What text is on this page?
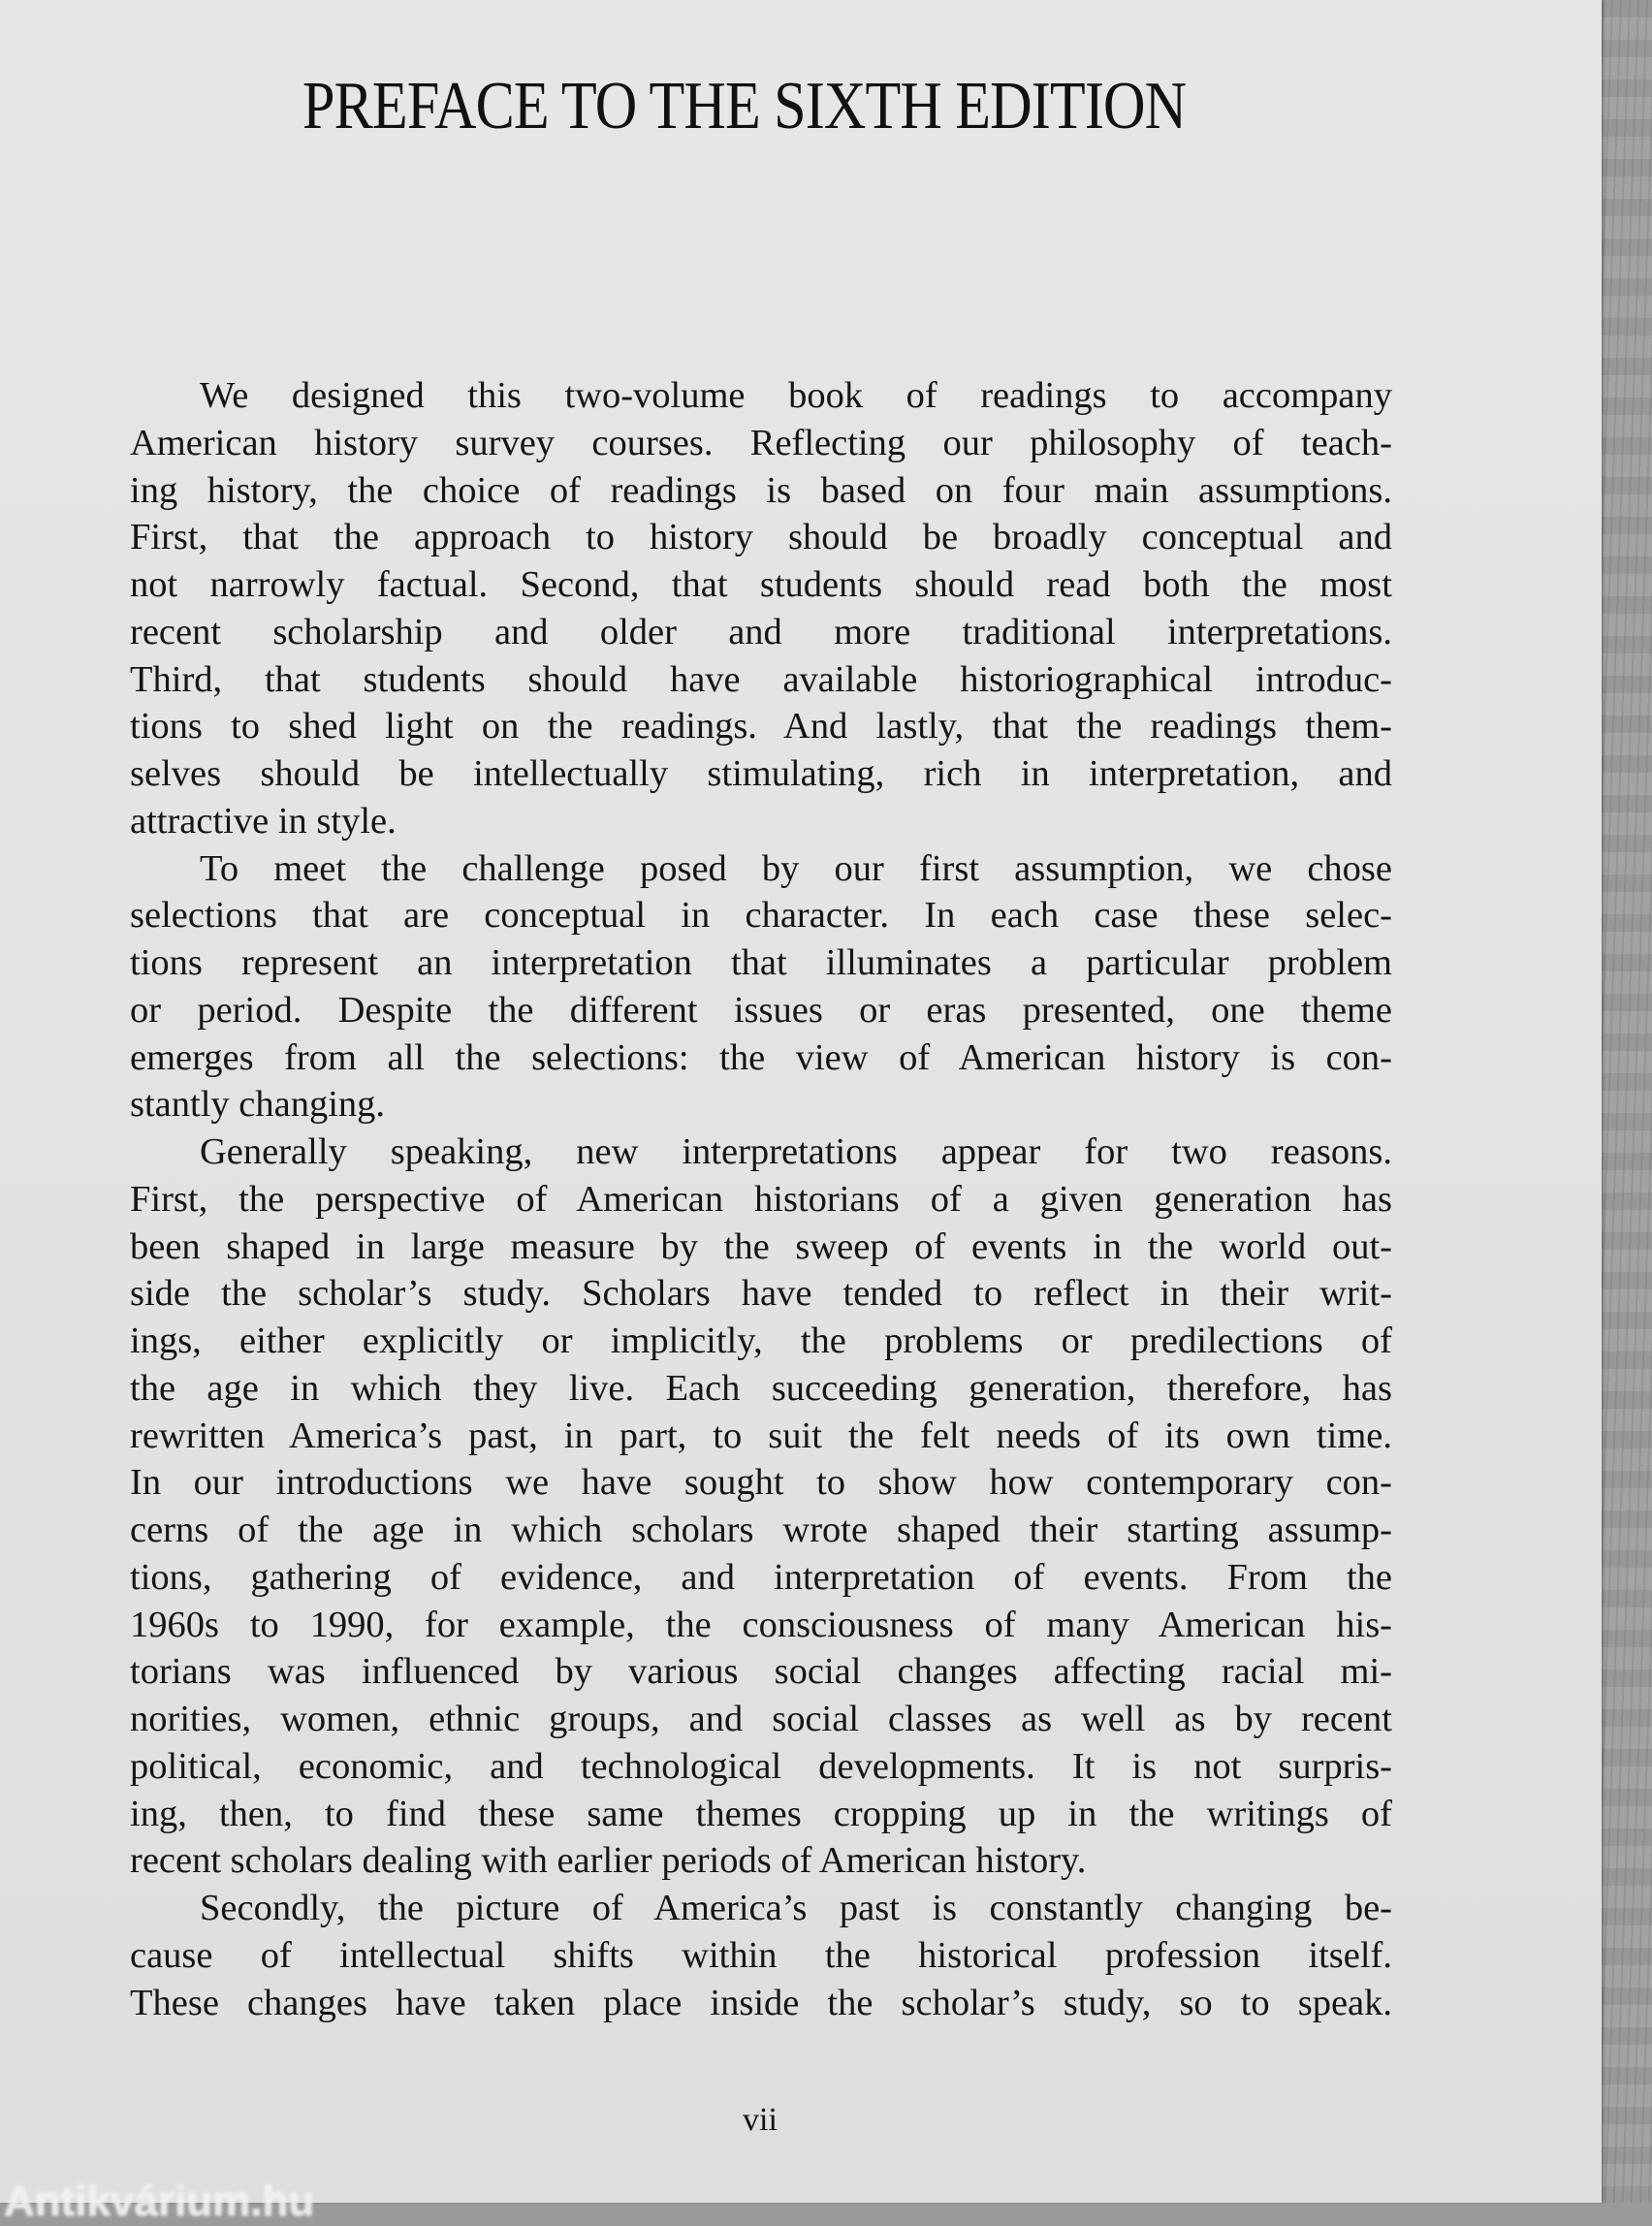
PREFACE TO THE SIXTH EDITION

We designed this two-volume book of readings to accompany
American history survey courses. Reflecting our philosophy of teach-
ing history, the choice of readings is based on four main assumptions.
First, that the approach to history should be broadly conceptual and
not narrowly factual. Second, that students should read both the most
recent scholarship and older and more traditional interpretations.
Third, that students should have available historiographical introduc-
tions to shed light on the readings. And lastly, that the readings them-
selves should be intellectually stimulating, rich in interpretation, and
attractive in style.

To meet the challenge posed by our first assumption, we chose
selections that are conceptual in character. In each case these selec-
tions represent an interpretation that illuminates a particular problem
or period. Despite the different issues or eras presented, one theme
emerges from all the selections: the view of American history is con-
stantly changing.

Generally speaking, new interpretations appear for two reasons.
First, the perspective of American historians of a given generation has
been shaped in large measure by the sweep of events in the world out-
side the scholar’s study. Scholars have tended to reflect in their writ-
ings, either explicitly or implicitly, the problems or predilections of
the age in which they live. Each succeeding generation, therefore, has
rewritten America’s past, in part, to suit the felt needs of its own time.
In our introductions we have sought to show how contemporary con-
cerns of the age in which scholars wrote shaped their starting assump-
tions, gathering of evidence, and interpretation of events. From the
1960s to 1990, for example, the consciousness of many American his-
torians was influenced by various social changes affecting racial mi-
norities, women, ethnic groups, and social classes as well as by recent
political, economic, and technological developments. It is not surpris-
ing, then, to find these same themes cropping up in the writings of
recent scholars dealing with earlier periods of American history.

Secondly, the picture of America’s past is constantly changing be-
cause of intellectual shifts within the historical profession itself.
These changes have taken place inside the scholar’s study, so to speak.

vii
Antikvárium.hu
